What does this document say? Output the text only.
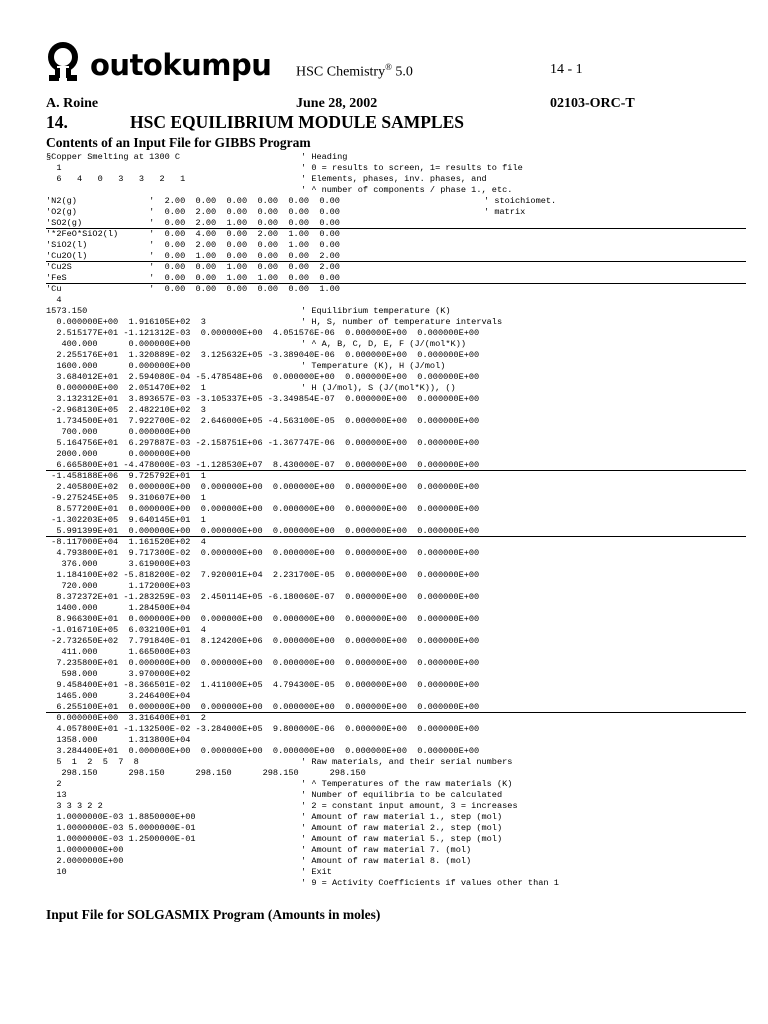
outokumpu HSC Chemistry® 5.0	14 - 1
A. Roine	June 28, 2002	02103-ORC-T
14.	HSC EQUILIBRIUM MODULE SAMPLES
Contents of an Input File for GIBBS Program
§Copper Smelting at 1300 C	' Heading
1	' 0 = results to screen, 1= results to file
6   4   0   3   3   2   1	' Elements, phases, inv. phases, and
' ^ number of components / phase 1., etc.
'N2(g)              '  2.00  0.00  0.00  0.00  0.00  0.00	' stoichiomet.
'O2(g)              '  0.00  2.00  0.00  0.00  0.00  0.00	' matrix
'SO2(g)             '  0.00  2.00  1.00  0.00  0.00  0.00
'*2FeO*SiO2(l)      '  0.00  4.00  0.00  2.00  1.00  0.00
'SiO2(l)            '  0.00  2.00  0.00  0.00  1.00  0.00
'Cu2O(l)            '  0.00  1.00  0.00  0.00  0.00  2.00
'Cu2S               '  0.00  0.00  1.00  0.00  0.00  2.00
'FeS                '  0.00  0.00  1.00  1.00  0.00  0.00
'Cu                 '  0.00  0.00  0.00  0.00  0.00  1.00
4
1573.150	' Equilibrium temperature (K)
0.000000E+00  1.916105E+02  3	' H, S, number of temperature intervals
2.515177E+01 -1.121312E-03  0.000000E+00  4.051576E-06  0.000000E+00  0.000000E+00
400.000      0.000000E+00	' ^ A, B, C, D, E, F (J/(mol*K))
2.255176E+01  1.320889E-02  3.125632E+05 -3.389040E-06  0.000000E+00  0.000000E+00
1600.000      0.000000E+00	' Temperature (K), H (J/mol)
3.684012E+01  2.594080E-04 -5.478548E+06  0.000000E+00  0.000000E+00  0.000000E+00
0.000000E+00  2.051470E+02  1	' H (J/mol), S (J/(mol*K)), ()
3.132312E+01  3.893657E-03 -3.105337E+05 -3.349854E-07  0.000000E+00  0.000000E+00
-2.968130E+05  2.482210E+02  3
1.734500E+01  7.922700E-02  2.646000E+05 -4.563100E-05  0.000000E+00  0.000000E+00
700.000      0.000000E+00
5.164756E+01  6.297887E-03 -2.158751E+06 -1.367747E-06  0.000000E+00  0.000000E+00
2000.000      0.000000E+00
6.665800E+01 -4.478000E-03 -1.128530E+07  8.430000E-07  0.000000E+00  0.000000E+00
-1.458188E+06  9.725792E+01  1
2.405800E+02  0.000000E+00  0.000000E+00  0.000000E+00  0.000000E+00  0.000000E+00
-9.275245E+05  9.310607E+00  1
8.577200E+01  0.000000E+00  0.000000E+00  0.000000E+00  0.000000E+00  0.000000E+00
-1.302203E+05  9.640145E+01  1
5.991399E+01  0.000000E+00  0.000000E+00  0.000000E+00  0.000000E+00  0.000000E+00
-8.117000E+04  1.161520E+02  4
4.793800E+01  9.717300E-02  0.000000E+00  0.000000E+00  0.000000E+00  0.000000E+00
376.000      3.619000E+03
1.184100E+02 -5.818200E-02  7.920001E+04  2.231700E-05  0.000000E+00  0.000000E+00
720.000      1.172000E+03
8.372372E+01 -1.283259E-03  2.450114E+05 -6.180060E-07  0.000000E+00  0.000000E+00
1400.000      1.284500E+04
8.966300E+01  0.000000E+00  0.000000E+00  0.000000E+00  0.000000E+00  0.000000E+00
-1.016710E+05  6.032100E+01  4
-2.732650E+02  7.791840E-01  8.124200E+06  0.000000E+00  0.000000E+00  0.000000E+00
411.000      1.665000E+03
7.235800E+01  0.000000E+00  0.000000E+00  0.000000E+00  0.000000E+00  0.000000E+00
598.000      3.970000E+02
9.458400E+01 -8.366501E-02  1.411000E+05  4.794300E-05  0.000000E+00  0.000000E+00
1465.000      3.246400E+04
6.255100E+01  0.000000E+00  0.000000E+00  0.000000E+00  0.000000E+00  0.000000E+00
0.000000E+00  3.316400E+01  2
4.057800E+01 -1.132500E-02 -3.284000E+05  9.800000E-06  0.000000E+00  0.000000E+00
1358.000      1.313800E+04
3.284400E+01  0.000000E+00  0.000000E+00  0.000000E+00  0.000000E+00  0.000000E+00
5  1  2  5  7  8	' Raw materials, and their serial numbers
298.150      298.150      298.150      298.150      298.150
2	' ^ Temperatures of the raw materials (K)
13	' Number of equilibria to be calculated
3 3 3 2 2	' 2 = constant input amount, 3 = increases
1.0000000E-03 1.8850000E+00	' Amount of raw material 1., step (mol)
1.0000000E-03 5.0000000E-01	' Amount of raw material 2., step (mol)
1.0000000E-03 1.2500000E-01	' Amount of raw material 5., step (mol)
1.0000000E+00	' Amount of raw material 7. (mol)
2.0000000E+00	' Amount of raw material 8. (mol)
10	' Exit
' 9 = Activity Coefficients if values other than 1
Input File for SOLGASMIX Program (Amounts in moles)
